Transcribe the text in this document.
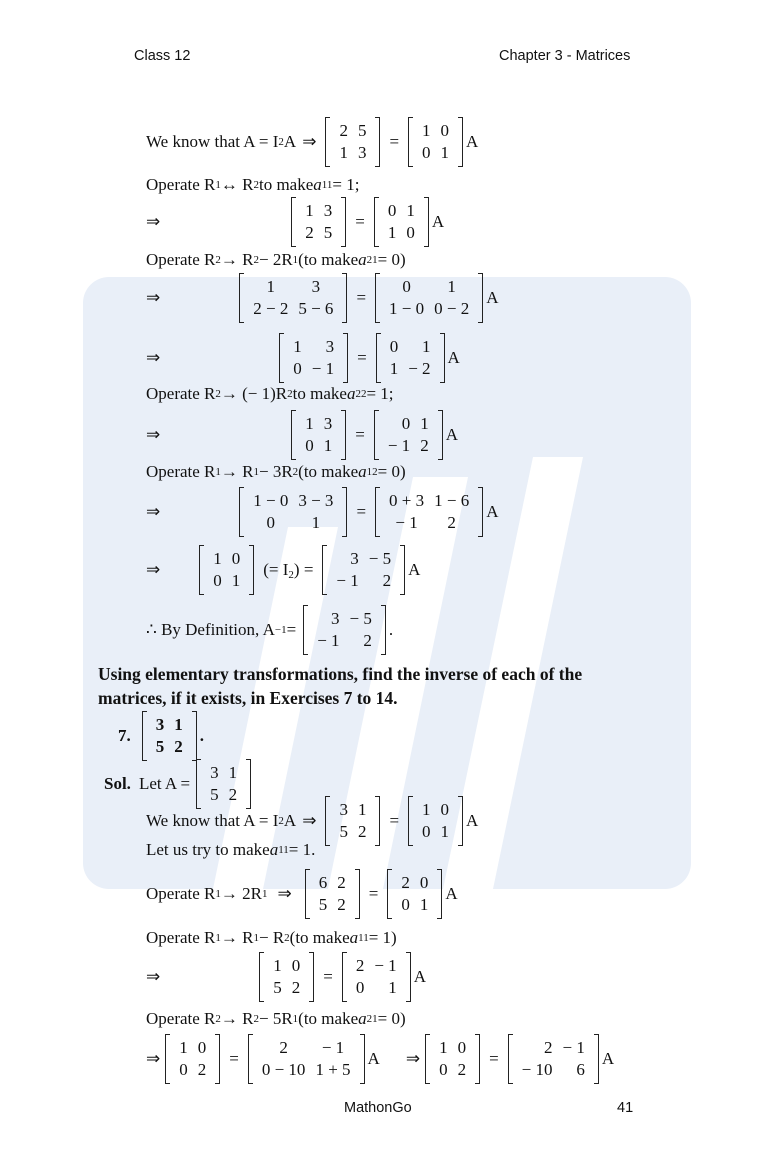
Class 12	Chapter 3 - Matrices
We know that A = I 2 A ⇒
2
1
5
3
=
1
0
0
1
A
Operate R 1 ↔ R 2 to make a 11 = 1;
⇒
1
2
3
5
=
0
1
1
0
A
Operate R 2 → R 2 − 2R 1 (to make a 21 = 0)
⇒
1
2 − 2
3
5 − 6
=
0
1 − 0
1
0 − 2
A
⇒
1
0
3
− 1
=
0
1
1
− 2
A
Operate R 2 → (− 1)R 2 to make a 22 = 1;
⇒
1
0
3
1
=
0
− 1
1
2
A
Operate R 1 → R 1 − 3R 2 (to make a 12 = 0)
⇒
1 − 0
0
3 − 3
1
=
0 + 3
− 1
1 − 6
2
A
⇒
1
0
0
1
(= $I_2$) =
3
− 1
− 5
2
A
∴ By Definition, A −1 =
3
− 1
− 5
2
.
Using elementary transformations, find the inverse of each of the
matrices, if it exists, in Exercises 7 to 14.
7.
3
5
1
2
.
Sol. Let A =
3
5
1
2
We know that A = I 2 A ⇒
3
5
1
2
=
1
0
0
1
A
Let us try to make a 11 = 1.
Operate R 1 → 2R 1 ⇒
6
5
2
2
=
2
0
0
1
A
Operate R 1 → R 1 − R 2 (to make a 11 = 1)
⇒
1
5
0
2
=
2
0
− 1
1
A
Operate R 2 → R 2 − 5R 1 (to make a 21 = 0)
⇒
1
0
0
2
=
2
0 − 10
− 1
1 + 5
A ⇒
1
0
0
2
=
2
− 10
− 1
6
A
MathonGo	41
